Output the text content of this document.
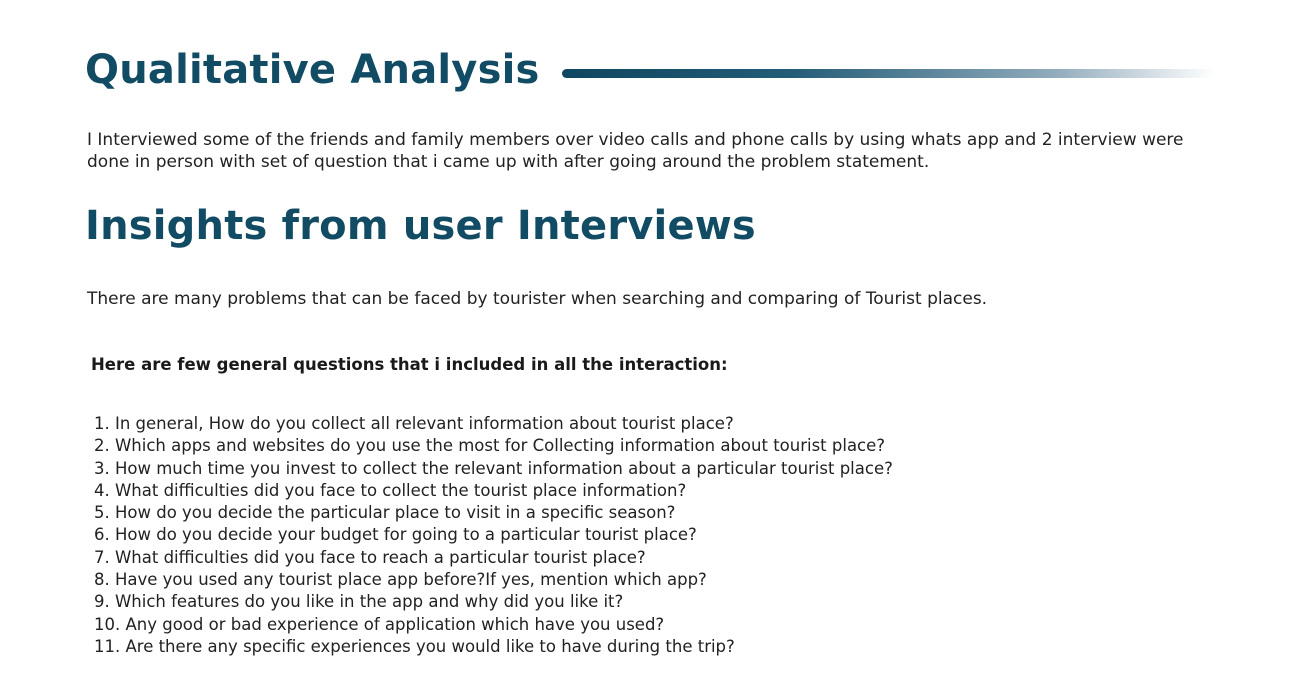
Qualitative Analysis

I Interviewed some of the friends and family members over video calls and phone calls by using whats app and 2 interview were done in person with set of question that i came up with after going around the problem statement.

Insights from user Interviews

There are many problems that can be faced by tourister when searching and comparing of Tourist places.

Here are few general questions that i included in all the interaction:

1. In general, How do you collect all relevant information about tourist place?
2. Which apps and websites do you use the most for Collecting information about tourist place?
3. How much time you invest to collect the relevant information about a particular tourist place?
4. What difficulties did you face to collect the tourist place information?
5. How do you decide the particular place to visit in a specific season?
6. How do you decide your budget for going to a particular tourist place?
7. What difficulties did you face to reach a particular tourist place?
8. Have you used any tourist place app before?If yes, mention which app?
9. Which features do you like in the app and why did you like it?
10. Any good or bad experience of application which have you used?
11. Are there any specific experiences you would like to have during the trip?
